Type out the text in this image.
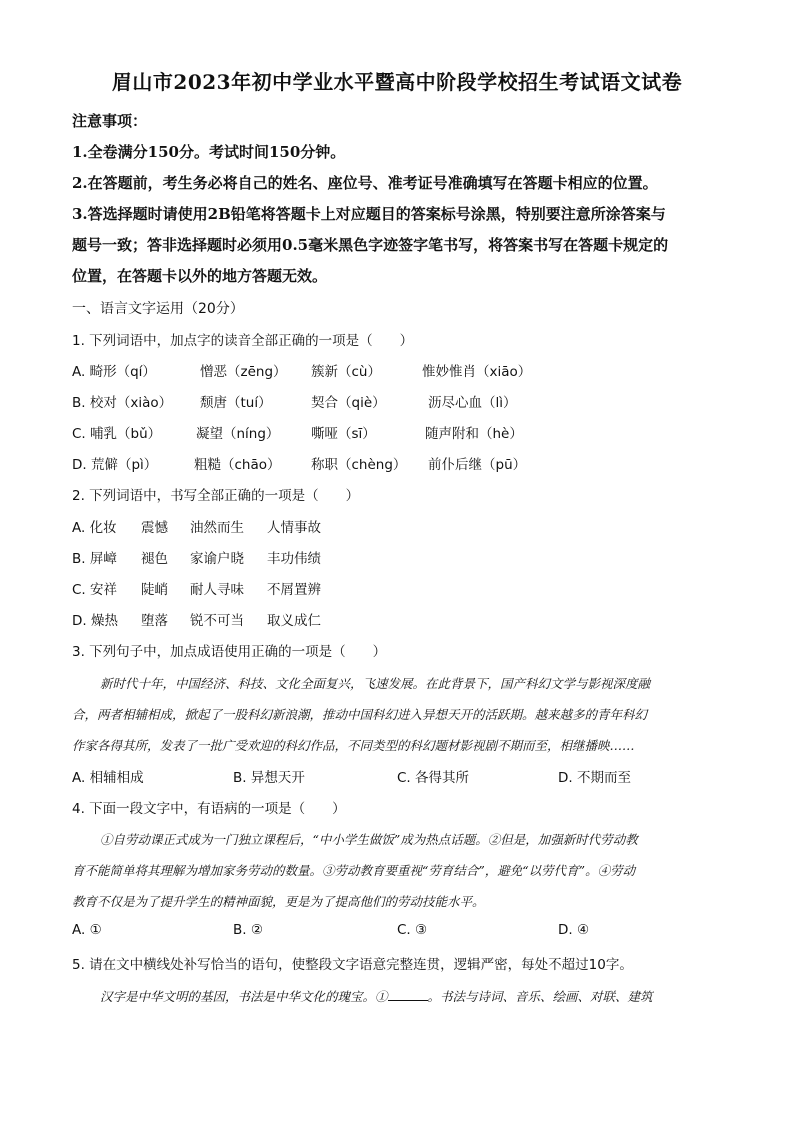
眉山市2023年初中学业水平暨高中阶段学校招生考试语文试卷
注意事项：
1.全卷满分150分。考试时间150分钟。
2.在答题前，考生务必将自己的姓名、座位号、准考证号准确填写在答题卡相应的位置。
3.答选择题时请使用2B铅笔将答题卡上对应题目的答案标号涂黑，特别要注意所涂答案与
题号一致；答非选择题时必须用0.5毫米黑色字迹签字笔书写，将答案书写在答题卡规定的
位置，在答题卡以外的地方答题无效。
一、语言文字运用（20分）
1. 下列词语中，加点字的读音全部正确的一项是（　　）
A. 畸形（qí）	憎恶（zēng） 簇新（cù）	惟妙惟肖（xiāo）
B. 校对（xiào） 颓唐（tuí）	契合（qiè）	沥尽心血（lì）
C. 哺乳（bǔ）	凝望（níng） 嘶哑（sī）	随声附和（hè）
D. 荒僻（pì）	粗糙（chāo） 称职（chèng） 前仆后继（pū）
2. 下列词语中，书写全部正确的一项是（　　）
A. 化妆 震憾 油然而生 人情事故
B. 屏嶂 褪色 家谕户晓 丰功伟绩
C. 安祥 陡峭 耐人寻味 不屑置辨
D. 燥热 堕落 锐不可当 取义成仁
3. 下列句子中，加点成语使用正确的一项是（　　）
新时代十年，中国经济、科技、文化全面复兴，飞速发展。在此背景下，国产科幻文学与影视深度融
合，两者相辅相成，掀起了一股科幻新浪潮，推动中国科幻进入异想天开的活跃期。越来越多的青年科幻
作家各得其所，发表了一批广受欢迎的科幻作品，不同类型的科幻题材影视剧不期而至，相继播映……
A. 相辅相成	B. 异想天开	C. 各得其所	D. 不期而至
4. 下面一段文字中，有语病的一项是（　　）
①自劳动课正式成为一门独立课程后，“中小学生做饭”成为热点话题。②但是，加强新时代劳动教
育不能简单将其理解为增加家务劳动的数量。③劳动教育要重视“劳育结合”，避免“以劳代育”。④劳动
教育不仅是为了提升学生的精神面貌，更是为了提高他们的劳动技能水平。
A. ①	B. ②	C. ③	D. ④
5. 请在文中横线处补写恰当的语句，使整段文字语意完整连贯，逻辑严密，每处不超过10字。
汉字是中华文明的基因，书法是中华文化的瑰宝。①	。书法与诗词、音乐、绘画、对联、建筑
